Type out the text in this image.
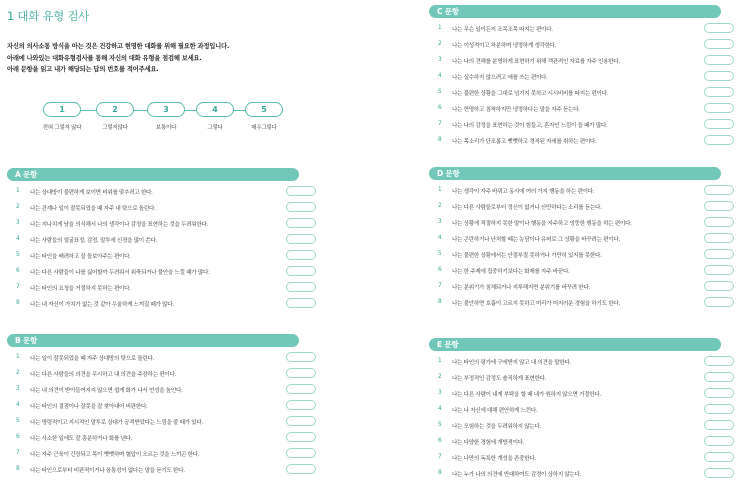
1 대화 유형 검사
자신의 의사소통 방식을 아는 것은 건강하고 현명한 대화를 위해 필요한 과정입니다.
아래에 나와있는 대화유형검사를 통해 자신의 대화 유형을 점검해 보세요.
아래 문항을 읽고 내가 해당되는 답의 번호를 적어주세요.
1
전혀 그렇지 않다
2
그렇지않다
3
보통이다
4
그렇다
5
매우그렇다
A 문항
1 나는 상대방이 불편하게 보이면 비위를 맞추려고 한다.
2 나는 관계나 일이 잘못되었을 때 자주 내 탓으로 돌린다.
3 나는 지나치게 남을 의식해서 나의 생각이나 감정을 표현하는 것을 두려워한다.
4 나는 사람들의 얼굴표정, 감정, 말투에 신경을 많이 쓴다.
5 나는 타인을 배려하고 잘 돌보아주는 편이다.
6 나는 다른 사람들이 나를 싫어할까 두려워서 위축되거나 불안을 느낄 때가 많다.
7 나는 타인의 요청을 거절하지 못하는 편이다.
8 나는 내 자신이 가치가 없는 것 같아 우울하게 느껴질 때가 많다.
B 문항
1 나는 일이 잘못되었을 때 자주 상대방의 탓으로 돌린다.
2 나는 다른 사람들의 의견을 무시하고 내 의견을 주장하는 편이다.
3 나는 내 의견이 받아들여지지 않으면 쉽게 화가 나서 언성을 높인다.
4 나는 타인의 결점이나 잘못을 잘 찾아내어 비판한다.
5 나는 명령적이고 지시적인 말투로 상대가 공격받았다는 느낌을 줄 때가 있다.
6 나는 사소한 일에도 잘 흥분하거나 화를 낸다.
7 나는 자주 근육이 긴장되고 목이 뻣뻣하며 혈압이 오르는 것을 느끼곤 한다.
8 나는 타인으로부터 비판적이거나 융통성이 없다는 말을 듣기도 한다.
C 문항
1 나는 무슨 일이든지 조목조목 따지는 편이다.
2 나는 이성적이고 차분하며 냉정하게 생각한다.
3 나는 나의 견해를 분명하게 표현하기 위해 객관적인 자료를 자주 인용한다.
4 나는 실수하지 않으려고 애를 쓰는 편이다.
5 나는 불편한 상황을 그대로 넘기지 못하고 시시비비를 따지는 편이다.
6 나는 현명하고 침착하지만 냉정하다는 말을 자주 듣는다.
7 나는 나의 감정을 표현하는 것이 힘들고, 혼자인 느낌이 들 때가 많다.
8 나는 목소리가 단조롭고 뻣뻣하고 경직된 자세를 취하는 편이다.
D 문항
1 나는 생각이 자주 바뀌고 동시에 여러 가지 행동을 하는 편이다.
2 나는 다른 사람들로부터 정신이 없거나 산만하다는 소리를 듣는다.
3 나는 상황에 적절하지 못한 말이나 행동을 자주하고 엉뚱한 행동을 하는 편이다.
4 나는 곤란하거나 난처할 때는 농담이나 유머로 그 상황을 바꾸려는 편이다.
5 나는 불편한 상황에서는 안절부절 못하거나 가만히 있지를 못한다.
6 나는 한 주제에 집중하기보다는 화제를 자주 바꾼다.
7 나는 분위기가 침체되거나 지루해지면 분위기를 바꾸려 한다.
8 나는 불안하면 호흡이 고르지 못하고 머리가 어지러운 경험을 하기도 한다.
E 문항
1 나는 타인의 평가에 구애받지 않고 내 의견을 말한다.
2 나는 부정적인 감정도 솔직하게 표현한다.
3 나는 다른 사람이 내게 부탁을 할 때 내가 원하지 않으면 거절한다.
4 나는 나 자신에 대해 편안하게 느낀다.
5 나는 모험하는 것을 두려워하지 않는다.
6 나는 다양한 경험에 개방적이다.
7 나는 나만의 독특한 개성을 존중한다.
8 나는 누가 나의 의견에 반대하여도 감정이 상하지 않는다.
